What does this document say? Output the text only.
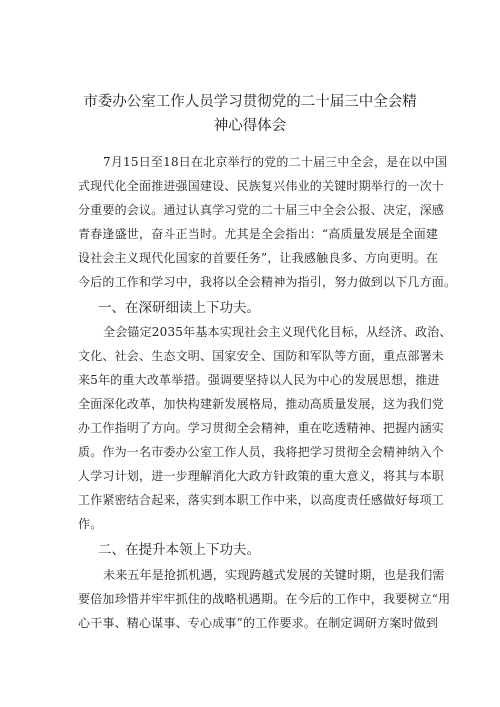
市委办公室工作人员学习贯彻党的二十届三中全会精
神心得体会
7月15日至18日在北京举行的党的二十届三中全会，是在以中国
式现代化全面推进强国建设、民族复兴伟业的关键时期举行的一次十
分重要的会议。通过认真学习党的二十届三中全会公报、决定，深感
青春逢盛世，奋斗正当时。尤其是全会指出：“高质量发展是全面建
设社会主义现代化国家的首要任务”，让我感触良多、方向更明。在
今后的工作和学习中，我将以全会精神为指引，努力做到以下几方面。
一、在深研细读上下功夫。
全会锚定2035年基本实现社会主义现代化目标，从经济、政治、
文化、社会、生态文明、国家安全、国防和军队等方面，重点部署未
来5年的重大改革举措。强调要坚持以人民为中心的发展思想，推进
全面深化改革，加快构建新发展格局，推动高质量发展，这为我们党
办工作指明了方向。学习贯彻全会精神，重在吃透精神、把握内涵实
质。作为一名市委办公室工作人员，我将把学习贯彻全会精神纳入个
人学习计划，进一步理解消化大政方针政策的重大意义，将其与本职
工作紧密结合起来，落实到本职工作中来，以高度责任感做好每项工
作。
二、在提升本领上下功夫。
未来五年是抢抓机遇，实现跨越式发展的关键时期，也是我们需
要倍加珍惜并牢牢抓住的战略机遇期。在今后的工作中，我要树立“用
心干事、精心谋事、专心成事”的工作要求。在制定调研方案时做到
